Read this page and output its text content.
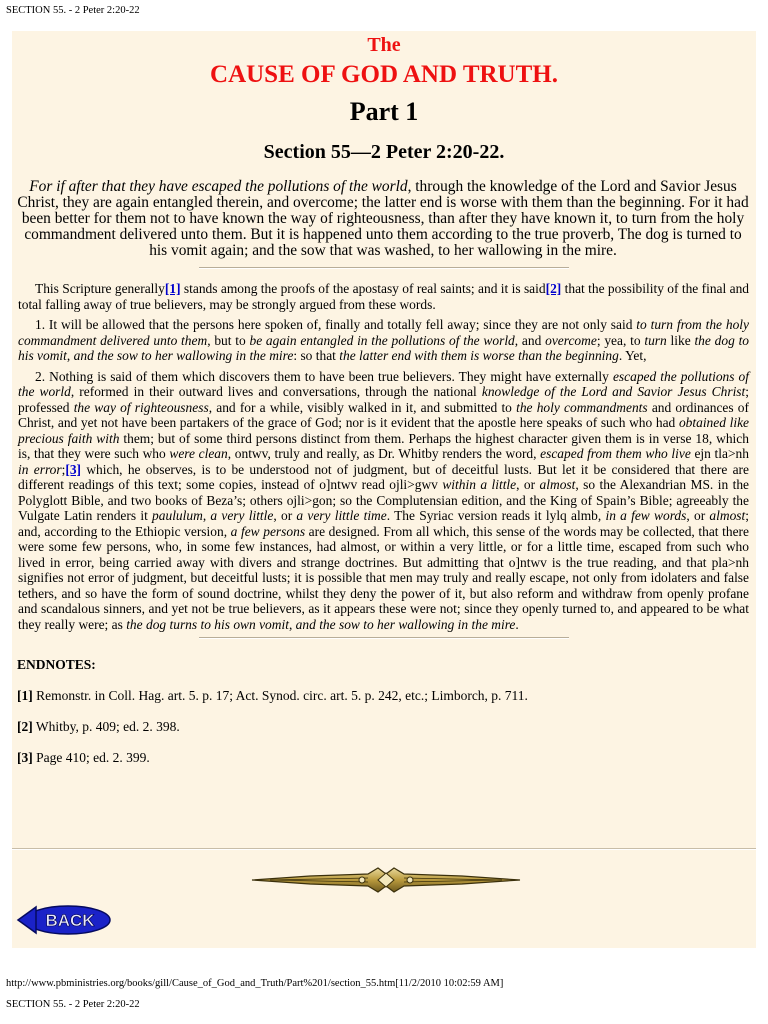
SECTION 55. - 2 Peter 2:20-22
The
CAUSE OF GOD AND TRUTH.
Part 1
Section 55—2 Peter 2:20-22.
For if after that they have escaped the pollutions of the world, through the knowledge of the Lord and Savior Jesus Christ, they are again entangled therein, and overcome; the latter end is worse with them than the beginning. For it had been better for them not to have known the way of righteousness, than after they have known it, to turn from the holy commandment delivered unto them. But it is happened unto them according to the true proverb, The dog is turned to his vomit again; and the sow that was washed, to her wallowing in the mire.

This Scripture generally[1] stands among the proofs of the apostasy of real saints; and it is said[2] that the possibility of the final and total falling away of true believers, may be strongly argued from these words.

1. It will be allowed that the persons here spoken of, finally and totally fell away; since they are not only said to turn from the holy commandment delivered unto them, but to be again entangled in the pollutions of the world, and overcome; yea, to turn like the dog to his vomit, and the sow to her wallowing in the mire: so that the latter end with them is worse than the beginning. Yet,

2. Nothing is said of them which discovers them to have been true believers. They might have externally escaped the pollutions of the world, reformed in their outward lives and conversations, through the national knowledge of the Lord and Savior Jesus Christ; professed the way of righteousness, and for a while, visibly walked in it, and submitted to the holy commandments and ordinances of Christ, and yet not have been partakers of the grace of God; nor is it evident that the apostle here speaks of such who had obtained like precious faith with them; but of some third persons distinct from them. Perhaps the highest character given them is in verse 18, which is, that they were such who were clean, ontwv, truly and really, as Dr. Whitby renders the word, escaped from them who live ejn tla>nh in error;[3] which, he observes, is to be understood not of judgment, but of deceitful lusts. But let it be considered that there are different readings of this text; some copies, instead of o]ntwv read ojli>gwv within a little, or almost, so the Alexandrian MS. in the Polyglott Bible, and two books of Beza’s; others ojli>gon; so the Complutensian edition, and the King of Spain’s Bible; agreeably the Vulgate Latin renders it paululum, a very little, or a very little time. The Syriac version reads it lylq almb, in a few words, or almost; and, according to the Ethiopic version, a few persons are designed. From all which, this sense of the words may be collected, that there were some few persons, who, in some few instances, had almost, or within a very little, or for a little time, escaped from such who lived in error, being carried away with divers and strange doctrines. But admitting that o]ntwv is the true reading, and that pla>nh signifies not error of judgment, but deceitful lusts; it is possible that men may truly and really escape, not only from idolaters and false tethers, and so have the form of sound doctrine, whilst they deny the power of it, but also reform and withdraw from openly profane and scandalous sinners, and yet not be true believers, as it appears these were not; since they openly turned to, and appeared to be what they really were; as the dog turns to his own vomit, and the sow to her wallowing in the mire.

ENDNOTES:
[1] Remonstr. in Coll. Hag. art. 5. p. 17; Act. Synod. circ. art. 5. p. 242, etc.; Limborch, p. 711.
[2] Whitby, p. 409; ed. 2. 398.
[3] Page 410; ed. 2. 399.
BACK
http://www.pbministries.org/books/gill/Cause_of_God_and_Truth/Part%201/section_55.htm[11/2/2010 10:02:59 AM]
SECTION 55. - 2 Peter 2:20-22
